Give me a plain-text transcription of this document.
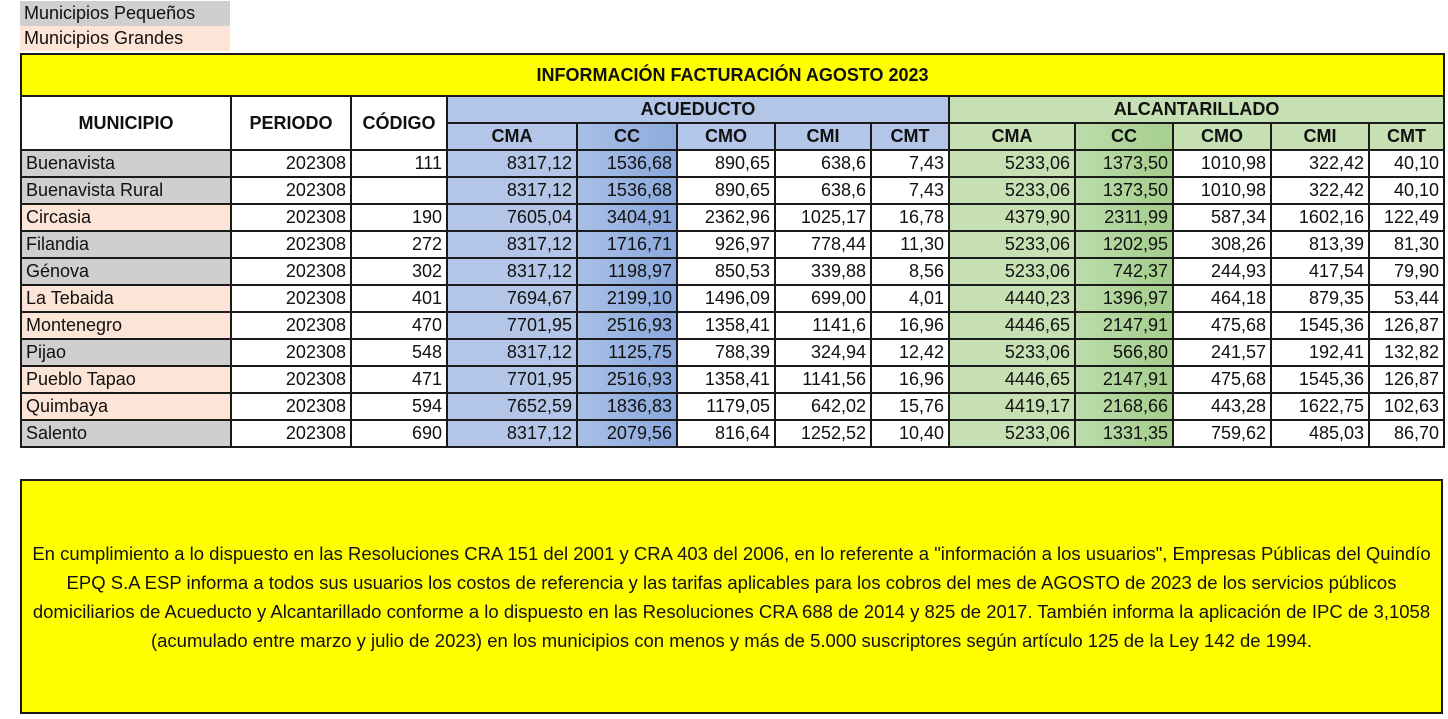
Municipios Pequeños
Municipios Grandes
INFORMACIÓN FACTURACIÓN AGOSTO 2023												
MUNICIPIO	PERIODO	CÓDIGO	ACUEDUCTO					ALCANTARILLADO				
			CMA	CC	CMO	CMI	CMT	CMA	CC	CMO	CMI	CMT
Buenavista	202308	111	8317,12	1536,68	890,65	638,6	7,43	5233,06	1373,50	1010,98	322,42	40,10
Buenavista Rural	202308		8317,12	1536,68	890,65	638,6	7,43	5233,06	1373,50	1010,98	322,42	40,10
Circasia	202308	190	7605,04	3404,91	2362,96	1025,17	16,78	4379,90	2311,99	587,34	1602,16	122,49
Filandia	202308	272	8317,12	1716,71	926,97	778,44	11,30	5233,06	1202,95	308,26	813,39	81,30
Génova	202308	302	8317,12	1198,97	850,53	339,88	8,56	5233,06	742,37	244,93	417,54	79,90
La Tebaida	202308	401	7694,67	2199,10	1496,09	699,00	4,01	4440,23	1396,97	464,18	879,35	53,44
Montenegro	202308	470	7701,95	2516,93	1358,41	1141,6	16,96	4446,65	2147,91	475,68	1545,36	126,87
Pijao	202308	548	8317,12	1125,75	788,39	324,94	12,42	5233,06	566,80	241,57	192,41	132,82
Pueblo Tapao	202308	471	7701,95	2516,93	1358,41	1141,56	16,96	4446,65	2147,91	475,68	1545,36	126,87
Quimbaya	202308	594	7652,59	1836,83	1179,05	642,02	15,76	4419,17	2168,66	443,28	1622,75	102,63
Salento	202308	690	8317,12	2079,56	816,64	1252,52	10,40	5233,06	1331,35	759,62	485,03	86,70

En cumplimiento a lo dispuesto en las Resoluciones CRA 151 del 2001 y CRA 403 del 2006, en lo referente a "información a los usuarios", Empresas Públicas del Quindío EPQ S.A ESP informa a todos sus usuarios los costos de referencia y las tarifas aplicables para los cobros del mes de AGOSTO de 2023 de los servicios públicos domiciliarios de Acueducto y Alcantarillado conforme a lo dispuesto en las Resoluciones CRA 688 de 2014 y 825 de 2017. También informa la aplicación de IPC de 3,1058 (acumulado entre marzo y julio de 2023) en los municipios con menos y más de 5.000 suscriptores según artículo 125 de la Ley 142 de 1994.
